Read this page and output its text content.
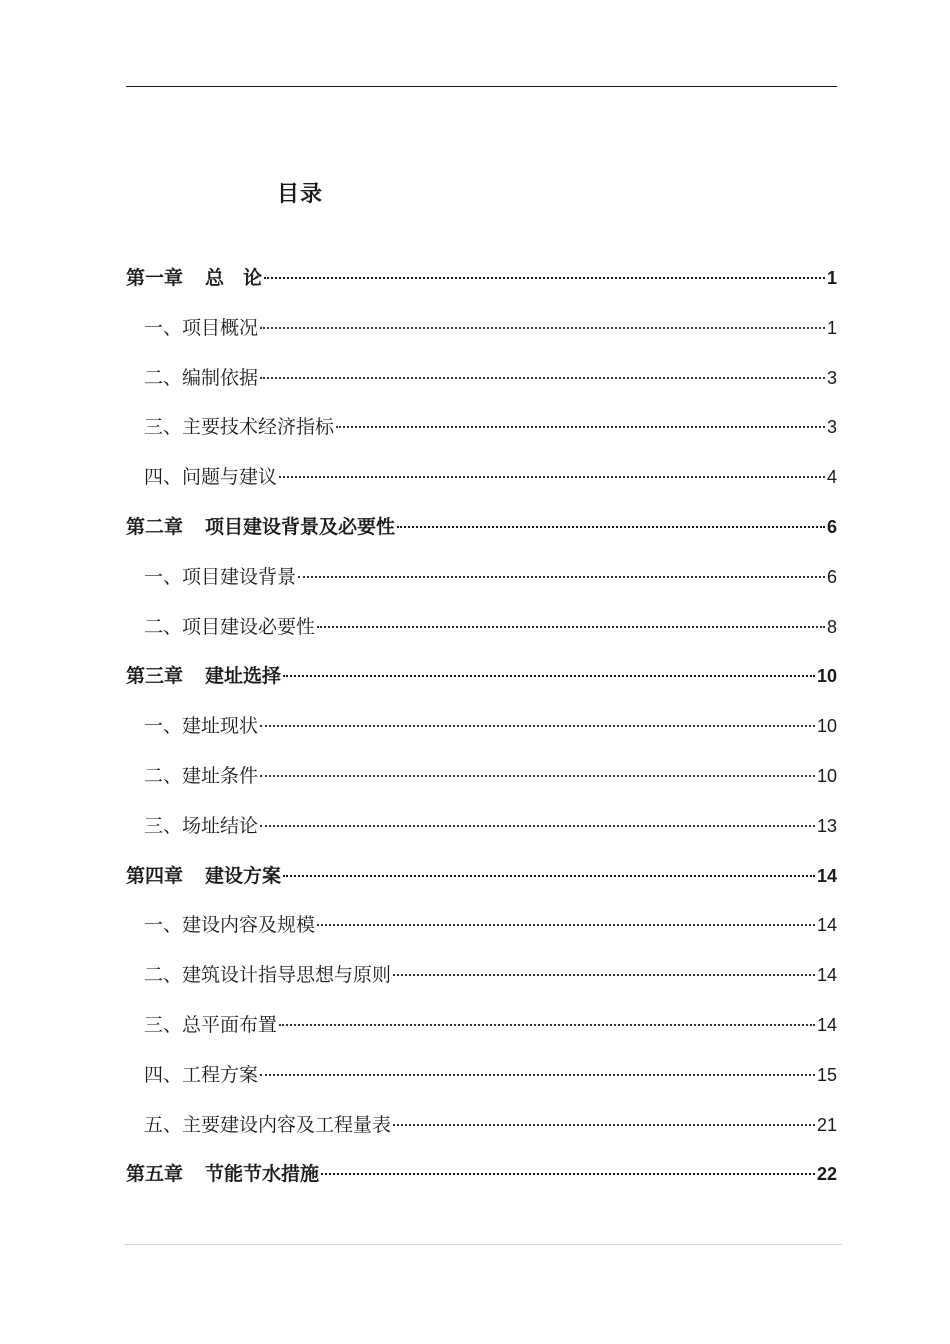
目录
第一章 总　论	1
一、项目概况	1
二、编制依据	3
三、主要技术经济指标	3
四、问题与建议	4
第二章 项目建设背景及必要性	6
一、项目建设背景	6
二、项目建设必要性	8
第三章 建址选择	10
一、建址现状	10
二、建址条件	10
三、场址结论	13
第四章 建设方案	14
一、建设内容及规模	14
二、建筑设计指导思想与原则	14
三、总平面布置	14
四、工程方案	15
五、主要建设内容及工程量表	21
第五章 节能节水措施	22
